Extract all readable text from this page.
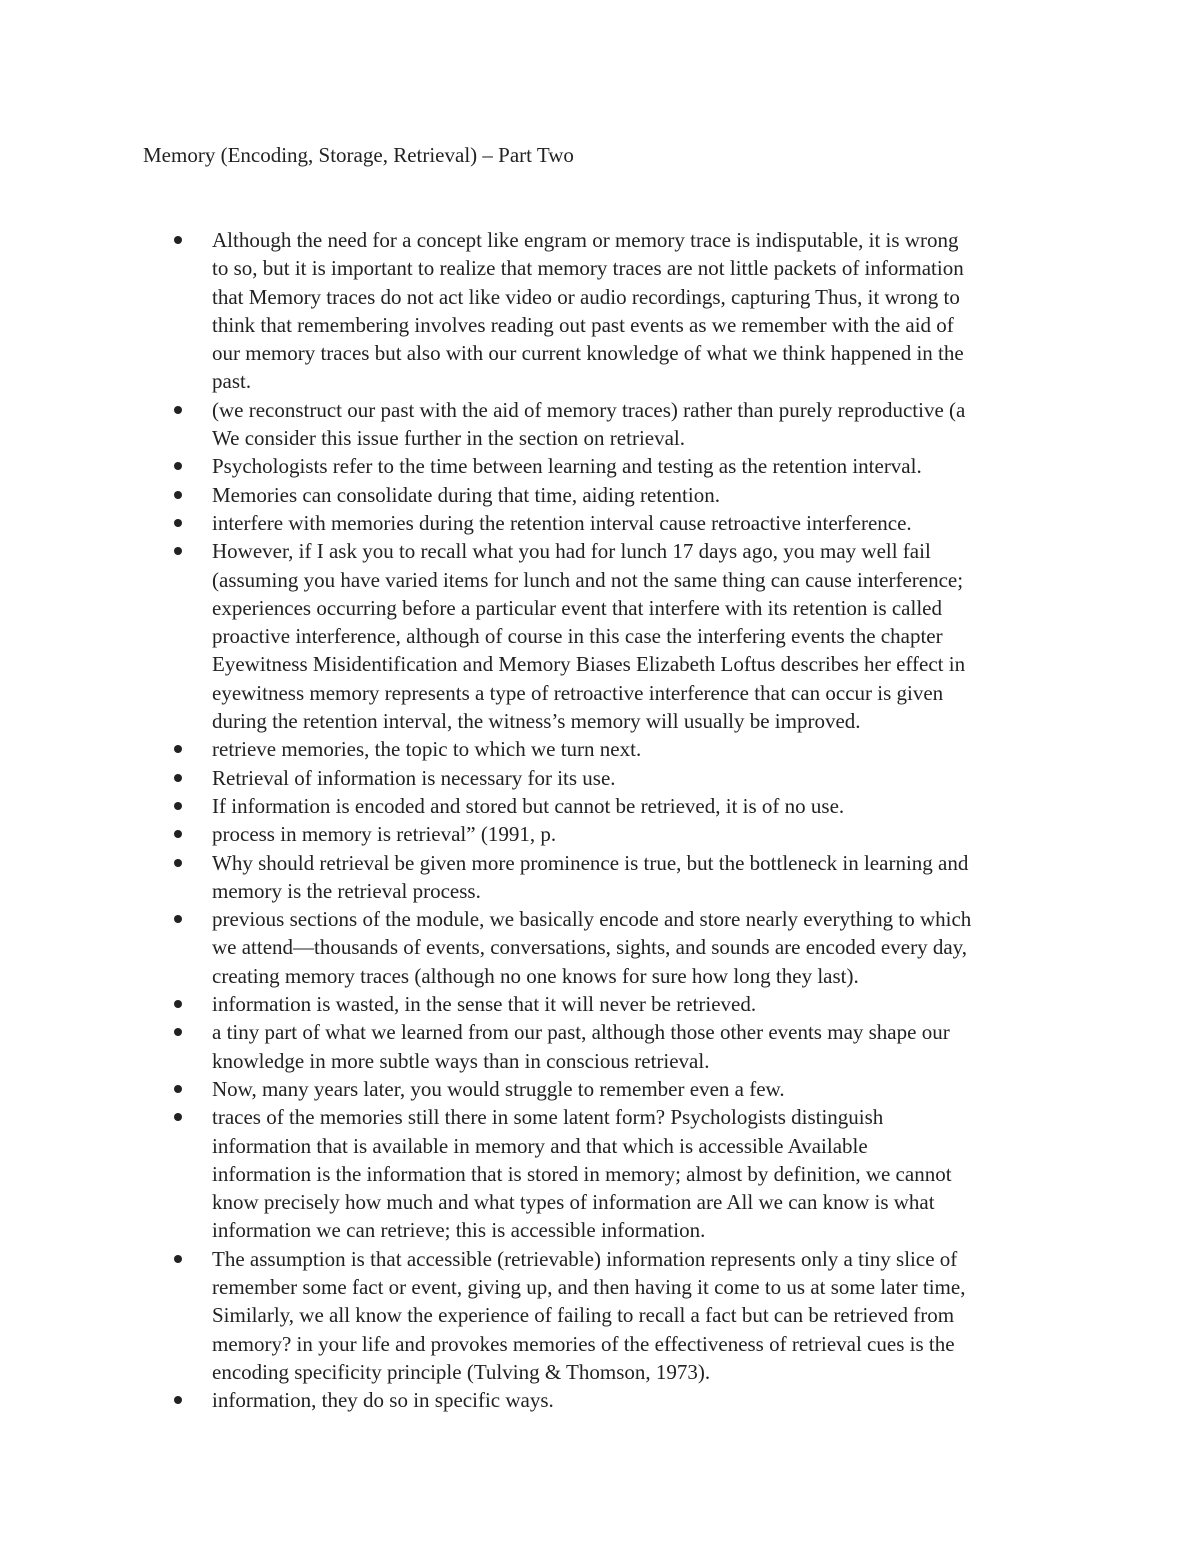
Memory (Encoding, Storage, Retrieval) – Part Two
Although the need for a concept like engram or memory trace is indisputable, it is wrong
to so, but it is important to realize that memory traces are not little packets of information
that Memory traces do not act like video or audio recordings, capturing Thus, it wrong to
think that remembering involves reading out past events as we remember with the aid of
our memory traces but also with our current knowledge of what we think happened in the
past.
(we reconstruct our past with the aid of memory traces) rather than purely reproductive (a
We consider this issue further in the section on retrieval.
Psychologists refer to the time between learning and testing as the retention interval.
Memories can consolidate during that time, aiding retention.
interfere with memories during the retention interval cause retroactive interference.
However, if I ask you to recall what you had for lunch 17 days ago, you may well fail
(assuming you have varied items for lunch and not the same thing can cause interference;
experiences occurring before a particular event that interfere with its retention is called
proactive interference, although of course in this case the interfering events the chapter
Eyewitness Misidentification and Memory Biases Elizabeth Loftus describes her effect in
eyewitness memory represents a type of retroactive interference that can occur is given
during the retention interval, the witness’s memory will usually be improved.
retrieve memories, the topic to which we turn next.
Retrieval of information is necessary for its use.
If information is encoded and stored but cannot be retrieved, it is of no use.
process in memory is retrieval” (1991, p.
Why should retrieval be given more prominence is true, but the bottleneck in learning and
memory is the retrieval process.
previous sections of the module, we basically encode and store nearly everything to which
we attend—thousands of events, conversations, sights, and sounds are encoded every day,
creating memory traces (although no one knows for sure how long they last).
information is wasted, in the sense that it will never be retrieved.
a tiny part of what we learned from our past, although those other events may shape our
knowledge in more subtle ways than in conscious retrieval.
Now, many years later, you would struggle to remember even a few.
traces of the memories still there in some latent form? Psychologists distinguish
information that is available in memory and that which is accessible Available
information is the information that is stored in memory; almost by definition, we cannot
know precisely how much and what types of information are All we can know is what
information we can retrieve; this is accessible information.
The assumption is that accessible (retrievable) information represents only a tiny slice of
remember some fact or event, giving up, and then having it come to us at some later time,
Similarly, we all know the experience of failing to recall a fact but can be retrieved from
memory? in your life and provokes memories of the effectiveness of retrieval cues is the
encoding specificity principle (Tulving & Thomson, 1973).
information, they do so in specific ways.
